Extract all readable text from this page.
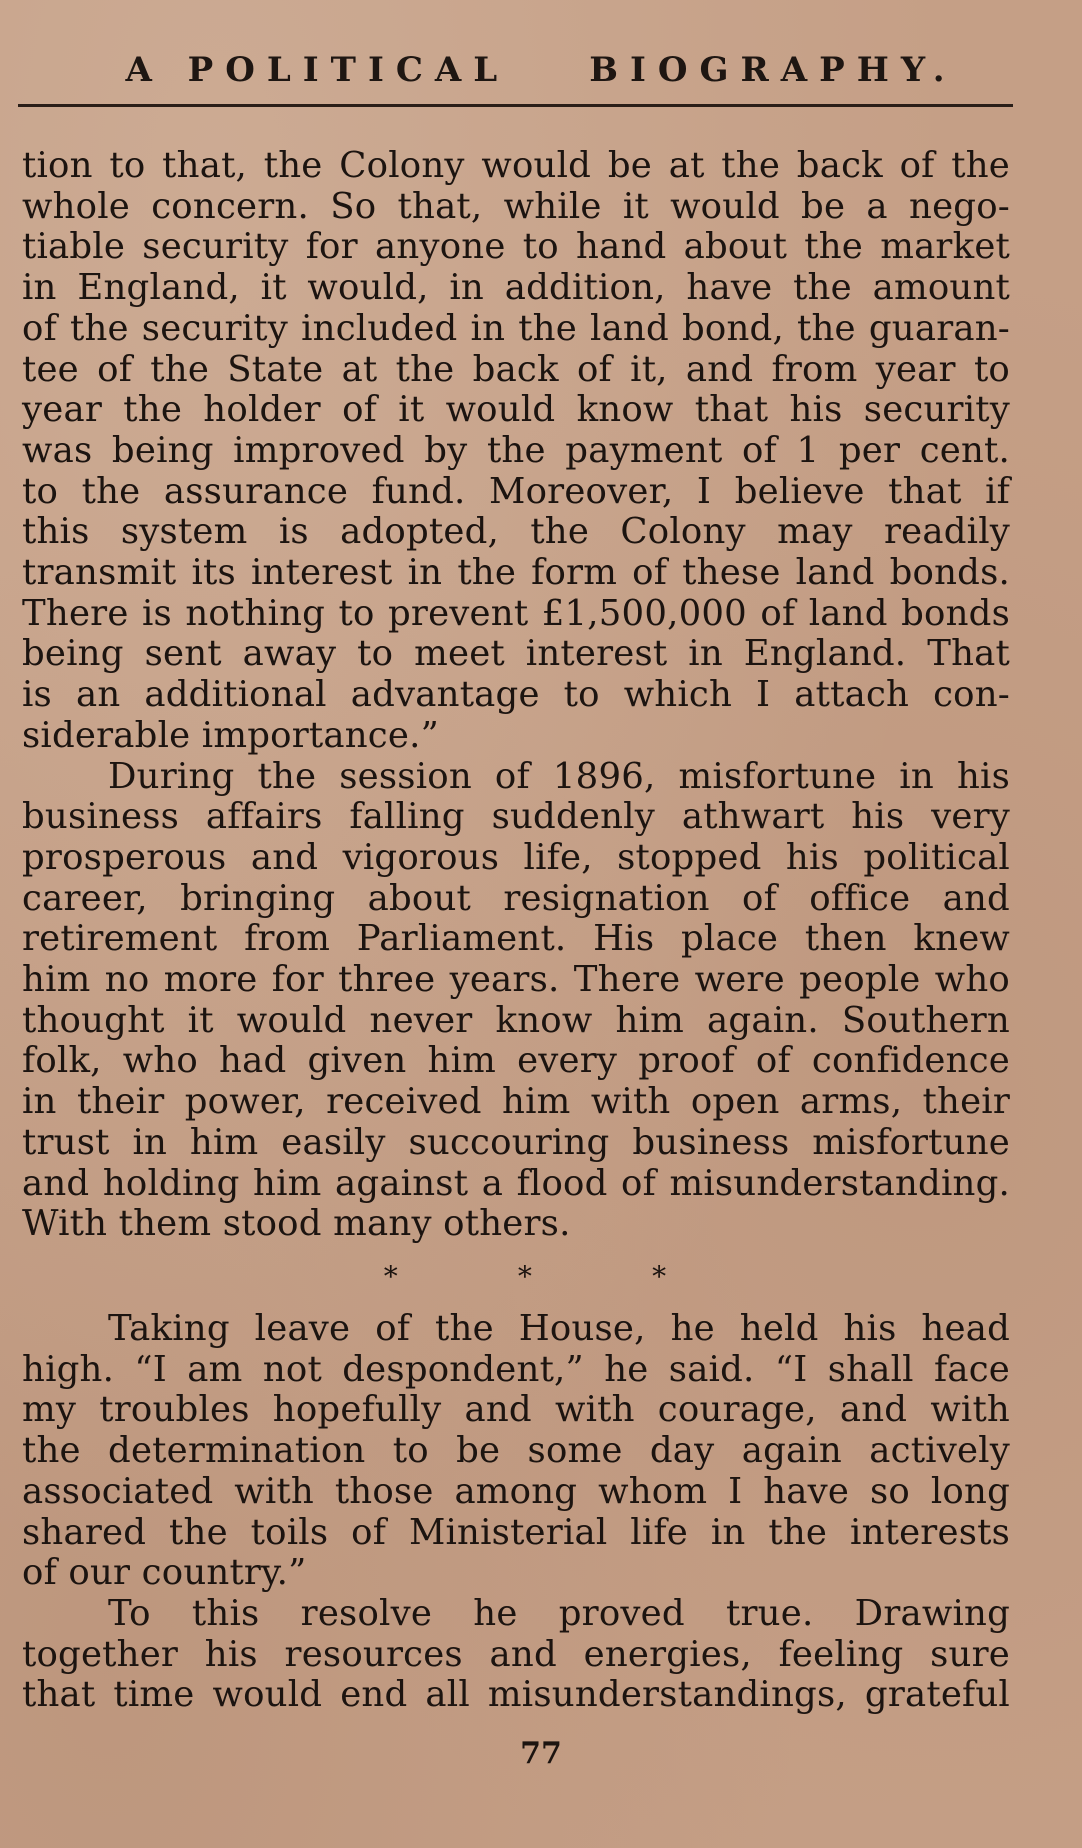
A POLITICAL BIOGRAPHY.

tion to that, the Colony would be at the back of the
whole concern. So that, while it would be a nego-
tiable security for anyone to hand about the market
in England, it would, in addition, have the amount
of the security included in the land bond, the guaran-
tee of the State at the back of it, and from year to
year the holder of it would know that his security
was being improved by the payment of 1 per cent.
to the assurance fund. Moreover, I believe that if
this system is adopted, the Colony may readily
transmit its interest in the form of these land bonds.
There is nothing to prevent £1,500,000 of land bonds
being sent away to meet interest in England. That
is an additional advantage to which I attach con-
siderable importance.”

During the session of 1896, misfortune in his
business affairs falling suddenly athwart his very
prosperous and vigorous life, stopped his political
career, bringing about resignation of office and
retirement from Parliament. His place then knew
him no more for three years. There were people who
thought it would never know him again. Southern
folk, who had given him every proof of confidence
in their power, received him with open arms, their
trust in him easily succouring business misfortune
and holding him against a flood of misunderstanding.
With them stood many others.

*	*	*

Taking leave of the House, he held his head
high. “I am not despondent,” he said. “I shall face
my troubles hopefully and with courage, and with
the determination to be some day again actively
associated with those among whom I have so long
shared the toils of Ministerial life in the interests
of our country.”

To this resolve he proved true. Drawing
together his resources and energies, feeling sure
that time would end all misunderstandings, grateful

77
